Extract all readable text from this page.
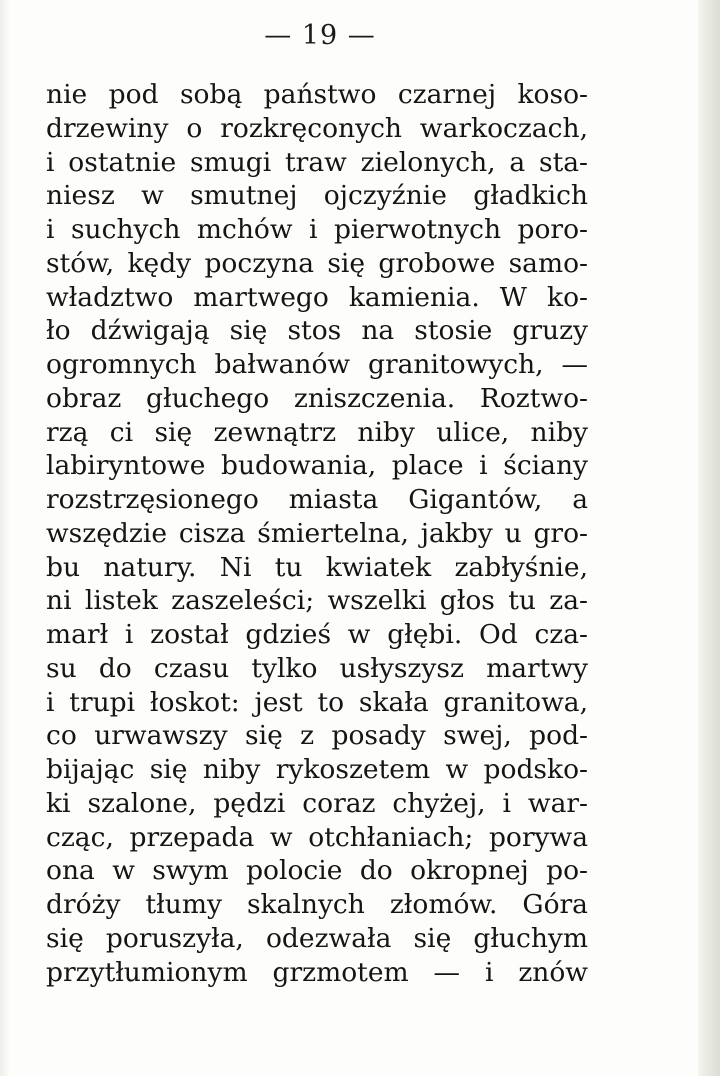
— 19 —
nie pod sobą państwo czarnej koso-
drzewiny o rozkręconych warkoczach,
i ostatnie smugi traw zielonych, a sta-
niesz w smutnej ojczyźnie gładkich
i suchych mchów i pierwotnych poro-
stów, kędy poczyna się grobowe samo-
władztwo martwego kamienia. W ko-
ło dźwigają się stos na stosie gruzy
ogromnych bałwanów granitowych, —
obraz głuchego zniszczenia. Roztwo-
rzą ci się zewnątrz niby ulice, niby
labiryntowe budowania, place i ściany
rozstrzęsionego miasta Gigantów, a
wszędzie cisza śmiertelna, jakby u gro-
bu natury. Ni tu kwiatek zabłyśnie,
ni listek zaszeleści; wszelki głos tu za-
marł i został gdzieś w głębi. Od cza-
su do czasu tylko usłyszysz martwy
i trupi łoskot: jest to skała granitowa,
co urwawszy się z posady swej, pod-
bijając się niby rykoszetem w podsko-
ki szalone, pędzi coraz chyżej, i war-
cząc, przepada w otchłaniach; porywa
ona w swym polocie do okropnej po-
dróży tłumy skalnych złomów. Góra
się poruszyła, odezwała się głuchym
przytłumionym grzmotem — i znów
